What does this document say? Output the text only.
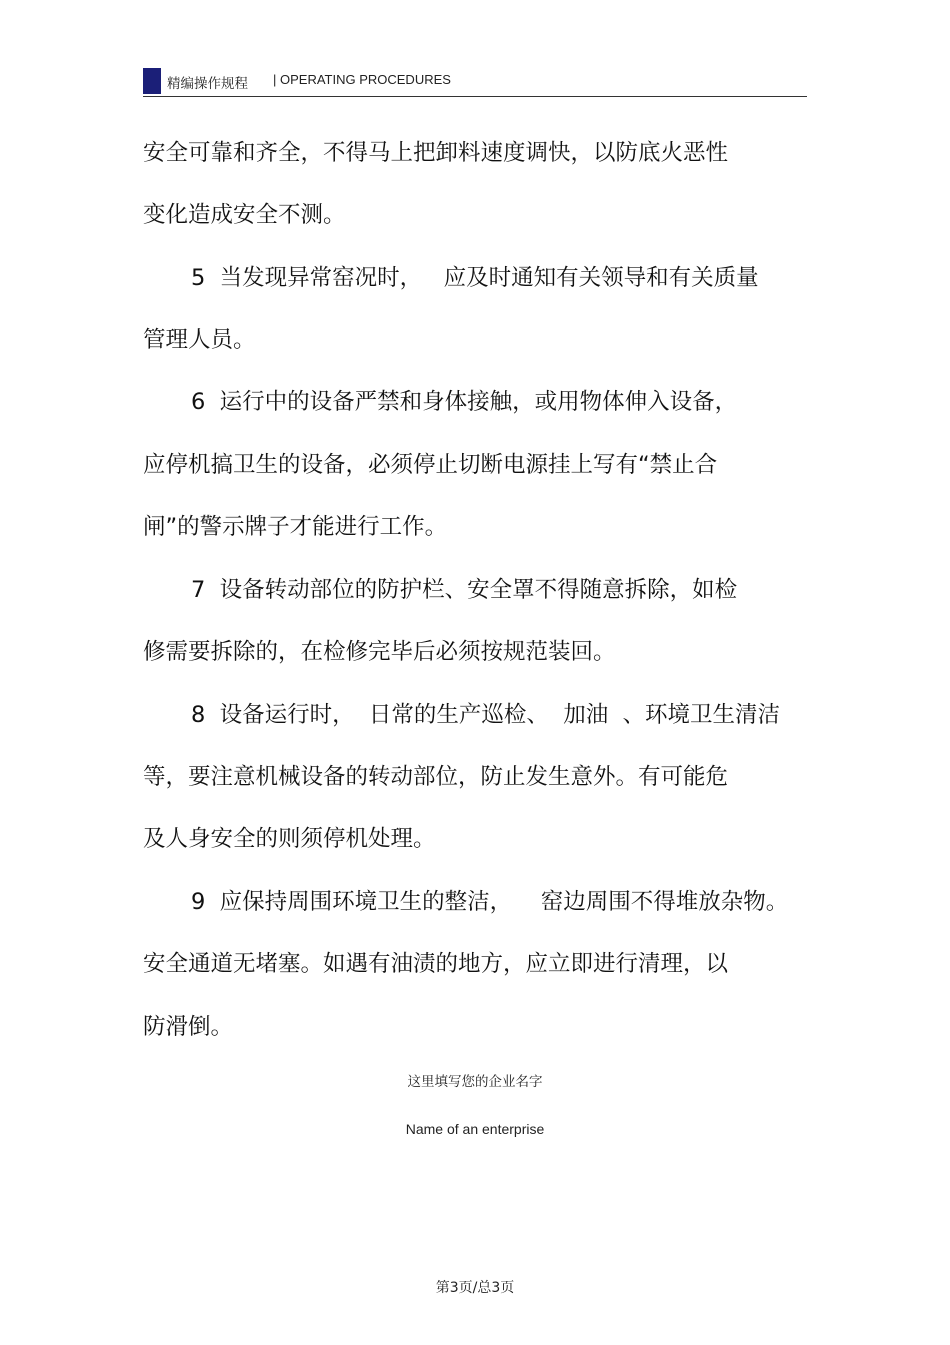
精编操作规程 | OPERATING PROCEDURES
安全可靠和齐全，不得马上把卸料速度调快，以防底火恶性
变化造成安全不测。
5  当发现异常窑况时，   应及时通知有关领导和有关质量
管理人员。
6  运行中的设备严禁和身体接触，或用物体伸入设备，
应停机搞卫生的设备，必须停止切断电源挂上写有“禁止合
闸”的警示牌子才能进行工作。
7  设备转动部位的防护栏、安全罩不得随意拆除，如检
修需要拆除的，在检修完毕后必须按规范装回。
8  设备运行时，  日常的生产巡检、  加油  、环境卫生清洁
等，要注意机械设备的转动部位，防止发生意外。有可能危
及人身安全的则须停机处理。
9  应保持周围环境卫生的整洁，    窑边周围不得堆放杂物。
安全通道无堵塞。如遇有油渍的地方，应立即进行清理，以
防滑倒。
这里填写您的企业名字
Name of an enterprise
第3页/总3页
